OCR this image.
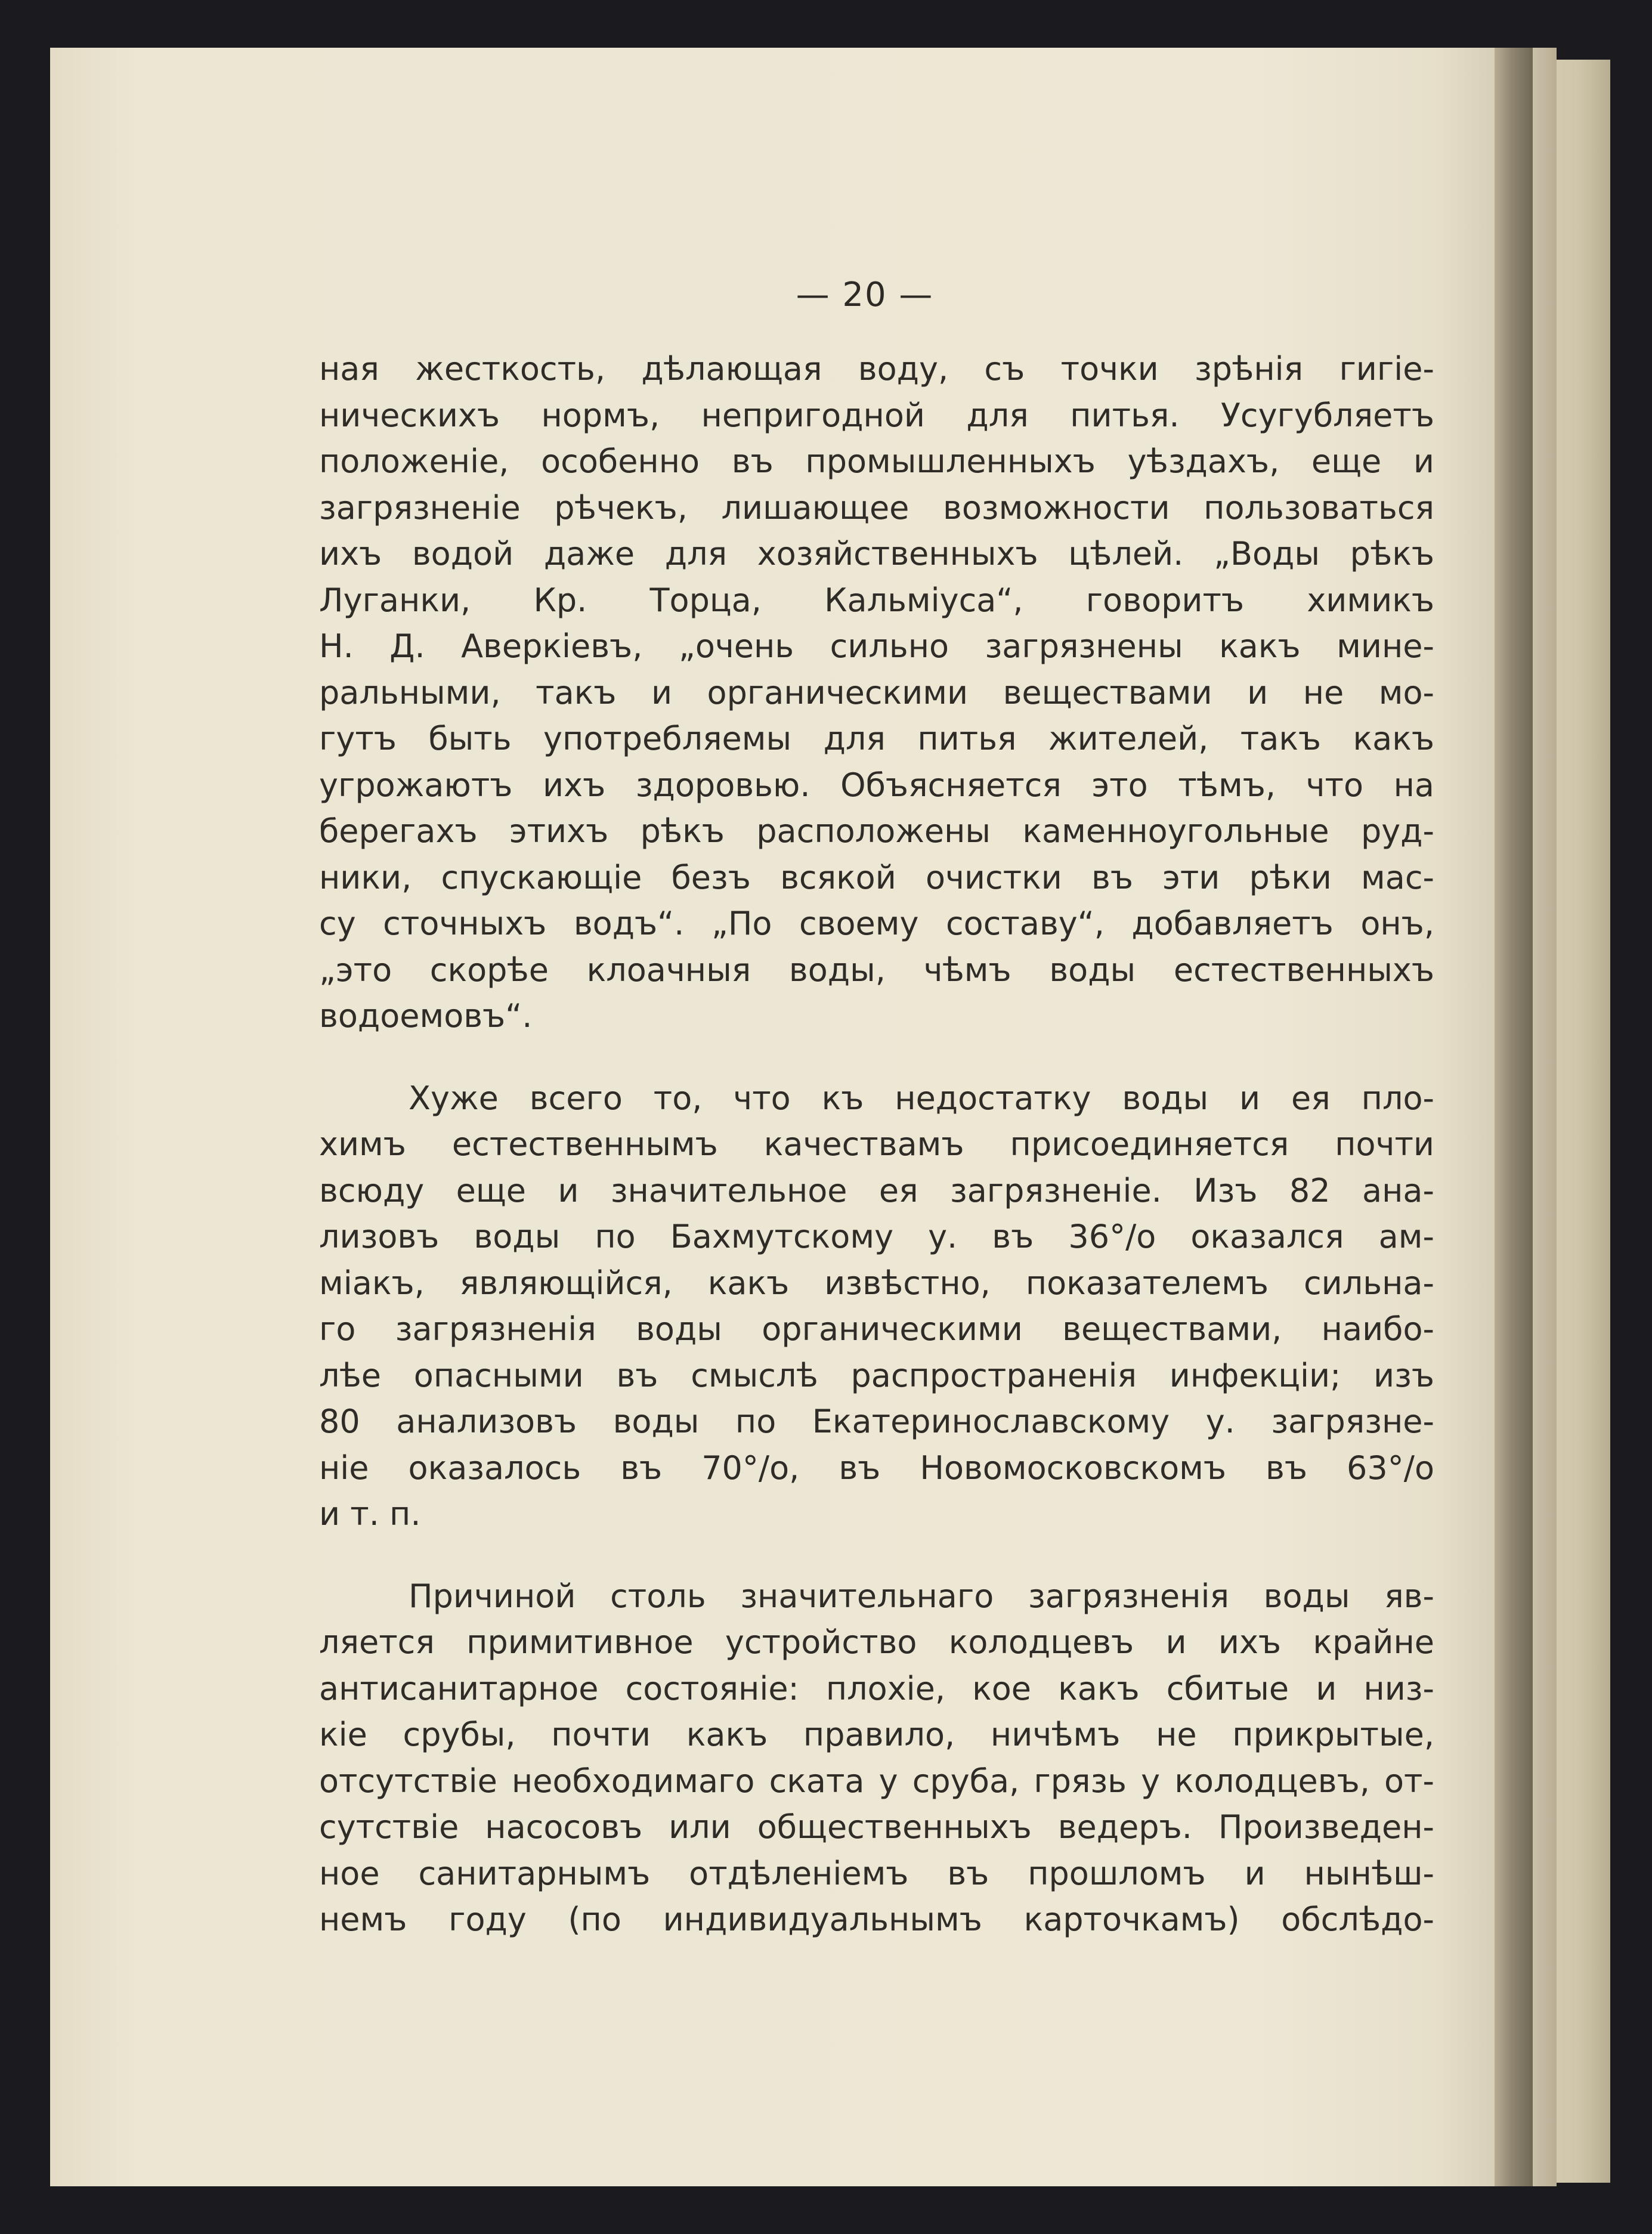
— 20 —
ная жесткость, дѣлающая воду, съ точки зрѣнія гигіе-
ническихъ нормъ, непригодной для питья. Усугубляетъ
положеніе, особенно въ промышленныхъ уѣздахъ, еще и
загрязненіе рѣчекъ, лишающее возможности пользоваться
ихъ водой даже для хозяйственныхъ цѣлей. „Воды рѣкъ
Луганки, Кр. Торца, Кальміуса“, говоритъ химикъ
Н. Д. Аверкіевъ, „очень сильно загрязнены какъ мине-
ральными, такъ и органическими веществами и не мо-
гутъ быть употребляемы для питья жителей, такъ какъ
угрожаютъ ихъ здоровью. Объясняется это тѣмъ, что на
берегахъ этихъ рѣкъ расположены каменноугольные руд-
ники, спускающіе безъ всякой очистки въ эти рѣки мас-
су сточныхъ водъ“. „По своему составу“, добавляетъ онъ,
„это скорѣе клоачныя воды, чѣмъ воды естественныхъ
водоемовъ“.
Хуже всего то, что къ недостатку воды и ея пло-
химъ естественнымъ качествамъ присоединяется почти
всюду еще и значительное ея загрязненіе. Изъ 82 ана-
лизовъ воды по Бахмутскому у. въ 36°/о оказался ам-
міакъ, являющійся, какъ извѣстно, показателемъ сильна-
го загрязненія воды органическими веществами, наибо-
лѣе опасными въ смыслѣ распространенія инфекціи; изъ
80 анализовъ воды по Екатеринославскому у. загрязне-
ніе оказалось въ 70°/о, въ Новомосковскомъ въ 63°/о
и т. п.
Причиной столь значительнаго загрязненія воды яв-
ляется примитивное устройство колодцевъ и ихъ крайне
антисанитарное состояніе: плохіе, кое какъ сбитые и низ-
кіе срубы, почти какъ правило, ничѣмъ не прикрытые,
отсутствіе необходимаго ската у сруба, грязь у колодцевъ, от-
сутствіе насосовъ или общественныхъ ведеръ. Произведен-
ное санитарнымъ отдѣленіемъ въ прошломъ и нынѣш-
немъ году (по индивидуальнымъ карточкамъ) обслѣдо-
